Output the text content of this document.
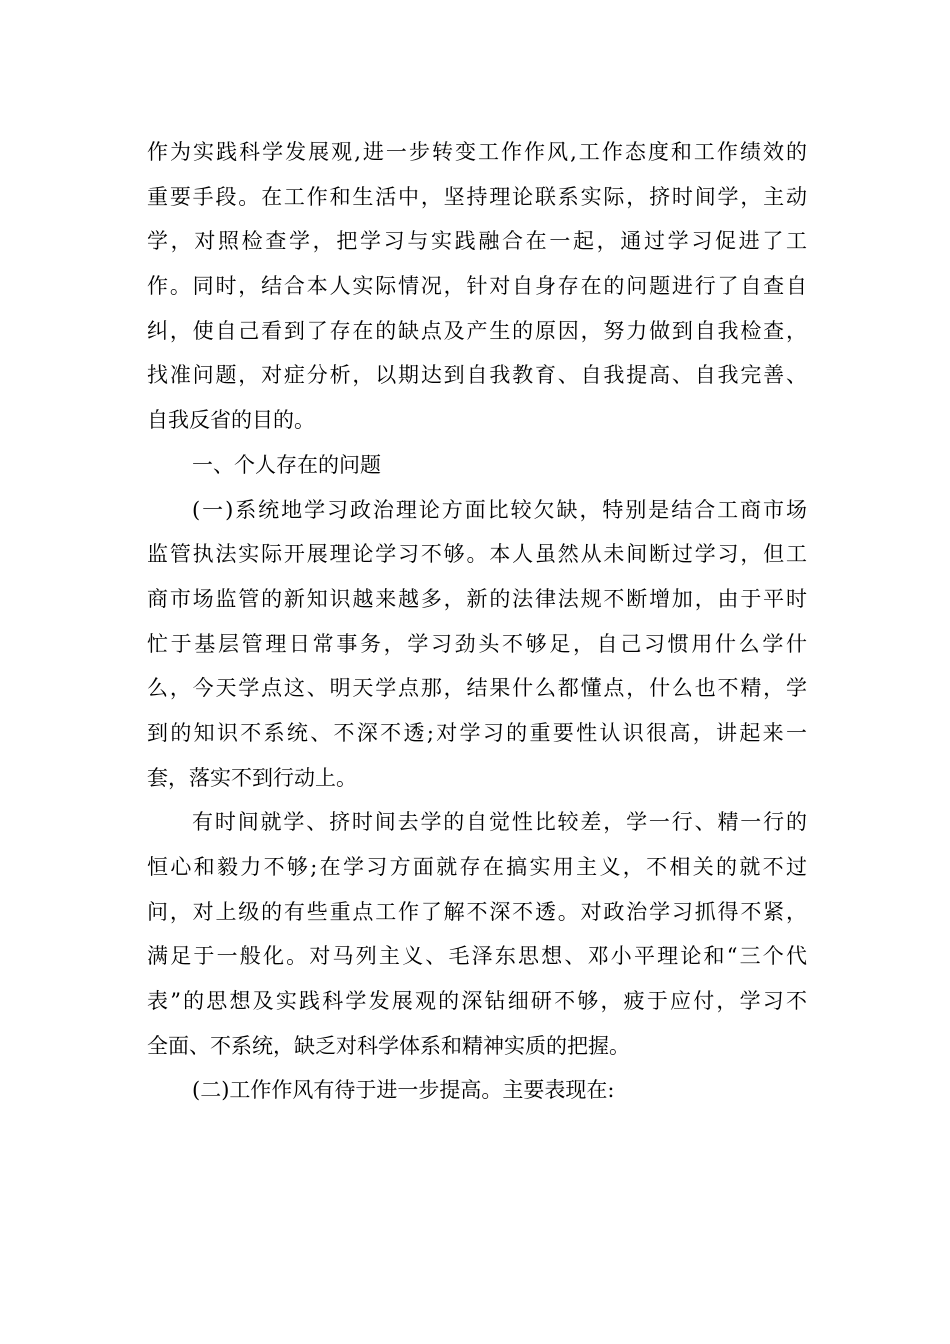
作为实践科学发展观,进一步转变工作作风,工作态度和工作绩效的
重要手段。在工作和生活中，坚持理论联系实际，挤时间学，主动
学，对照检查学，把学习与实践融合在一起，通过学习促进了工
作。同时，结合本人实际情况，针对自身存在的问题进行了自查自
纠，使自己看到了存在的缺点及产生的原因，努力做到自我检查，
找准问题，对症分析，以期达到自我教育、自我提高、自我完善、
自我反省的目的。
一、个人存在的问题
(一)系统地学习政治理论方面比较欠缺，特别是结合工商市场
监管执法实际开展理论学习不够。本人虽然从未间断过学习，但工
商市场监管的新知识越来越多，新的法律法规不断增加，由于平时
忙于基层管理日常事务，学习劲头不够足，自己习惯用什么学什
么，今天学点这、明天学点那，结果什么都懂点，什么也不精，学
到的知识不系统、不深不透;对学习的重要性认识很高，讲起来一
套，落实不到行动上。
有时间就学、挤时间去学的自觉性比较差，学一行、精一行的
恒心和毅力不够;在学习方面就存在搞实用主义，不相关的就不过
问，对上级的有些重点工作了解不深不透。对政治学习抓得不紧，
满足于一般化。对马列主义、毛泽东思想、邓小平理论和“三个代
表”的思想及实践科学发展观的深钻细研不够，疲于应付，学习不
全面、不系统，缺乏对科学体系和精神实质的把握。
(二)工作作风有待于进一步提高。主要表现在:
